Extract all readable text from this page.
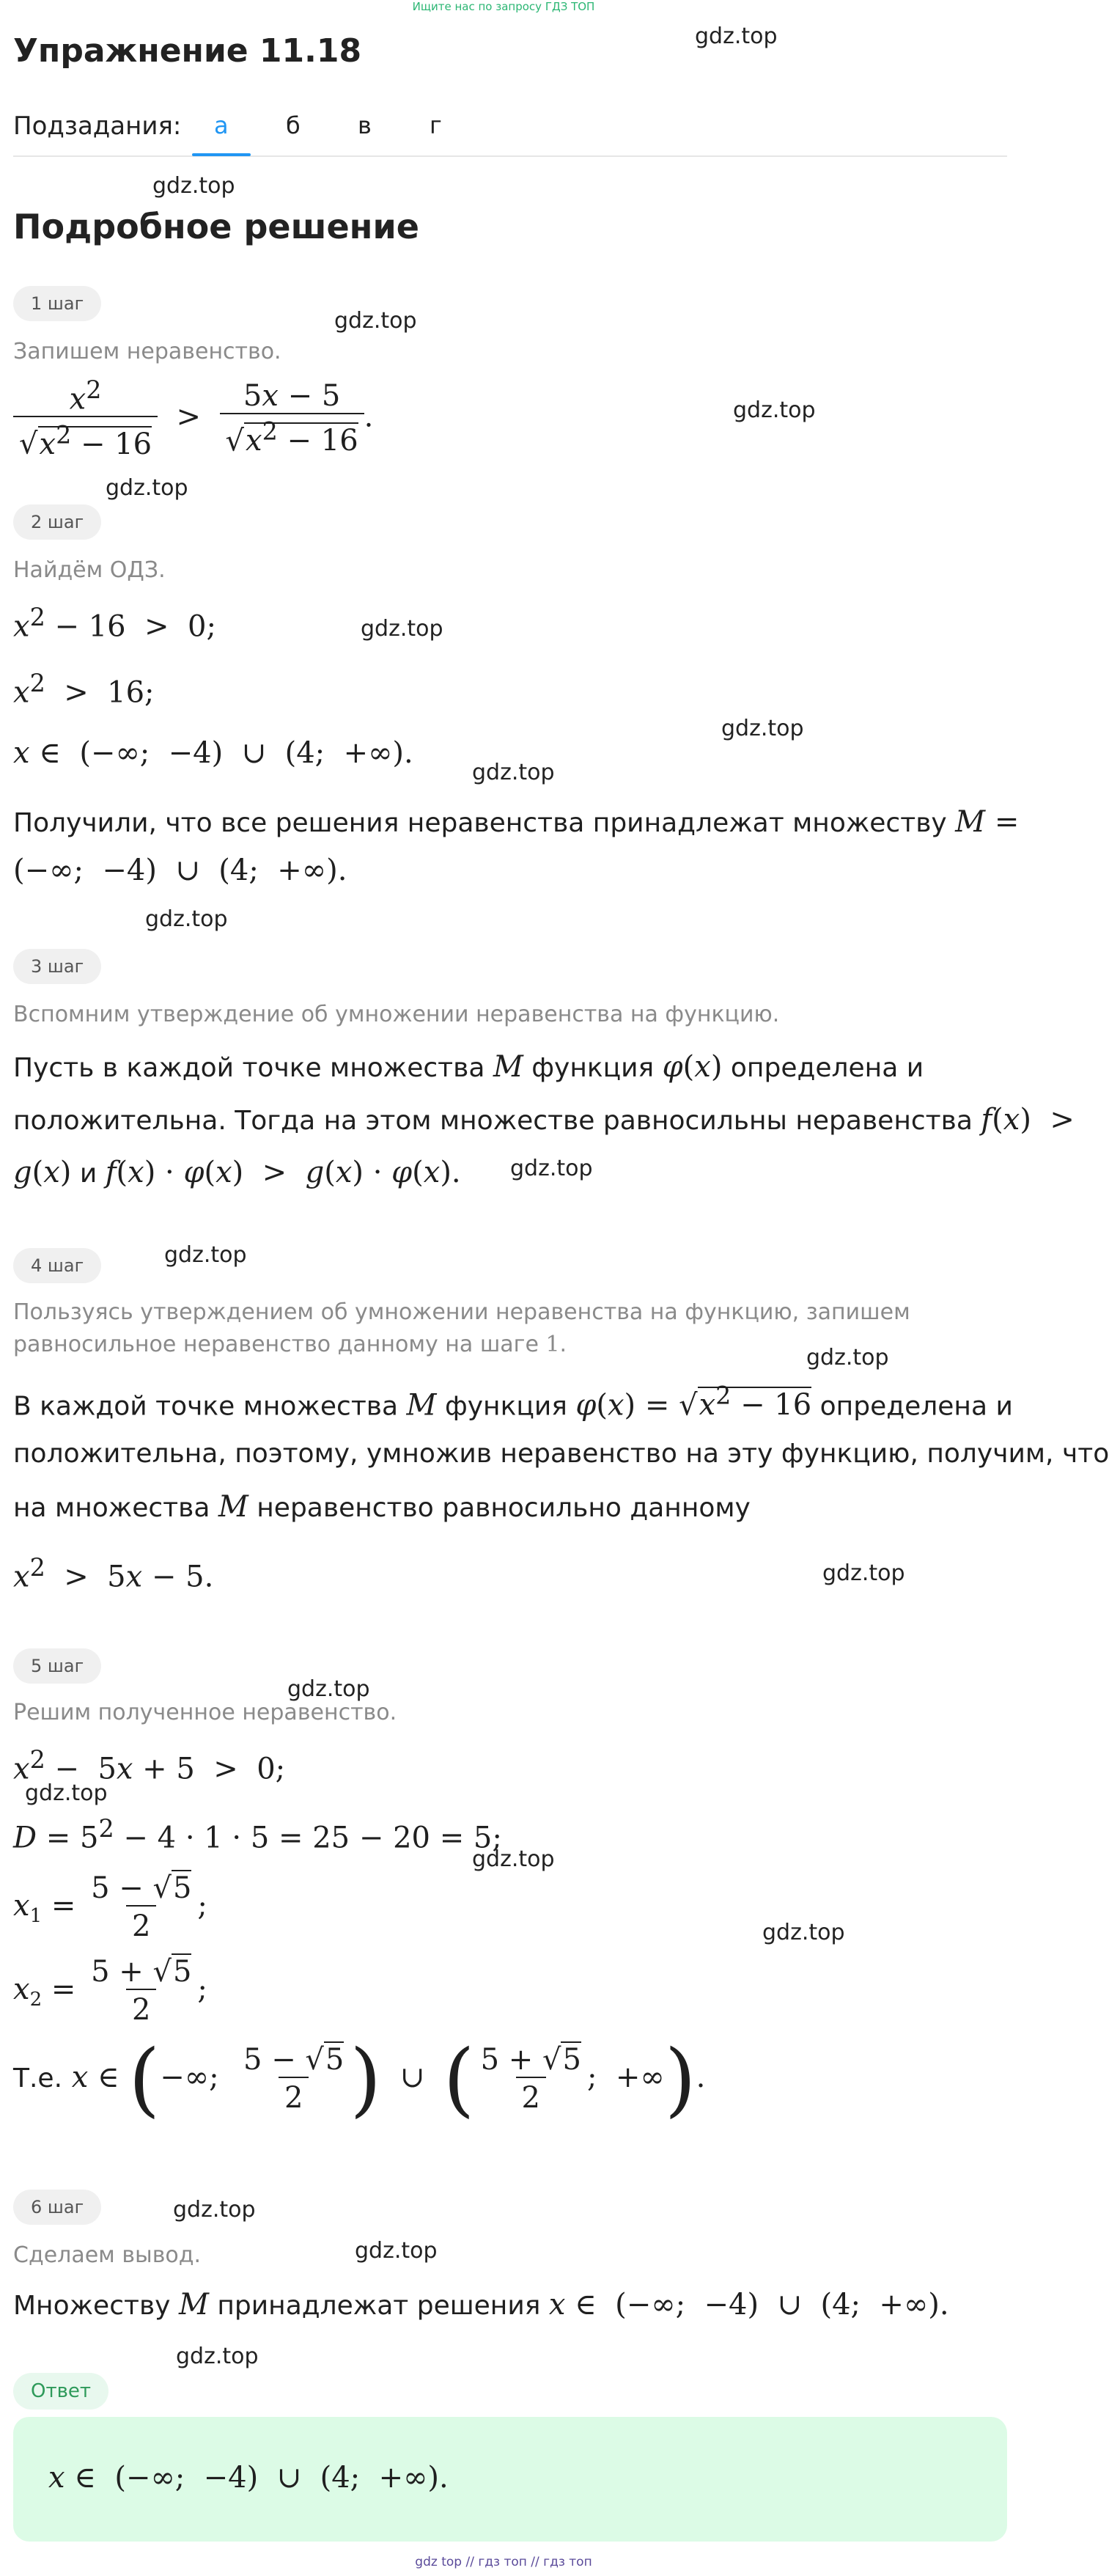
Ищите нас по запросу ГДЗ ТОП
Упражнение 11.18	gdz.top
gdz.top
gdz.top
gdz.top
gdz.top
gdz.top
gdz.top
gdz.top
gdz.top
gdz.top
gdz.top
gdz.top
gdz.top
gdz.top
gdz.top
gdz.top
gdz.top
gdz.top
gdz.top
gdz.top
Подзадания: а б в г
Подробное решение
1 шаг
Запишем неравенство.
$\frac{x^2}{√x^2 - 16} > \frac{5x - 5}{√x^2 - 16}$ .
2 шаг
Найдём ОДЗ.
$x^2 - 16 > 0$;
$x^2 > 16$;
x ∈  (−∞;  −4)  ∪  (4;  +∞).
Получили, что все решения неравенства принадлежат множеству M =
(−∞;  −4)  ∪  (4;  +∞).
3 шаг
Вспомним утверждение об умножении неравенства на функцию.
Пусть в каждой точке множества M функция φ(x) определена и
положительна. Тогда на этом множестве равносильны неравенства f(x)  >
g(x) и f(x) · φ(x)  >  g(x) · φ(x).
4 шаг
Пользуясь утверждением об умножении неравенства на функцию, запишем
равносильное неравенство данному на шаге 1.
В каждой точке множества M функция $\varphi(x) = √x^2 - 16$ определена и
положительна, поэтому, умножив неравенство на эту функцию, получим, что
на множества M неравенство равносильно данному
$x^2 > 5x - 5$.
5 шаг
Решим полученное неравенство.
$x^2 - 5x + 5 > 0$;
$D = 5^2 - 4 \cdot 1 \cdot 5 = 25 - 20 = 5$;
$x_1 = \frac{5 - √5}{2}$ ;
$x_2 = \frac{5 + √5}{2}$ ;
Т.е. x ∈ (−∞; $\frac{5 - √5}{2}$ )  ∪  ( $\frac{5 + √5}{2}$ ;  +∞).
6 шаг
Сделаем вывод.
Множеству M принадлежат решения x ∈  (−∞;  −4)  ∪  (4;  +∞).
Ответ
x ∈  (−∞;  −4)  ∪  (4;  +∞).
gdz top // гдз топ // гдз топ
